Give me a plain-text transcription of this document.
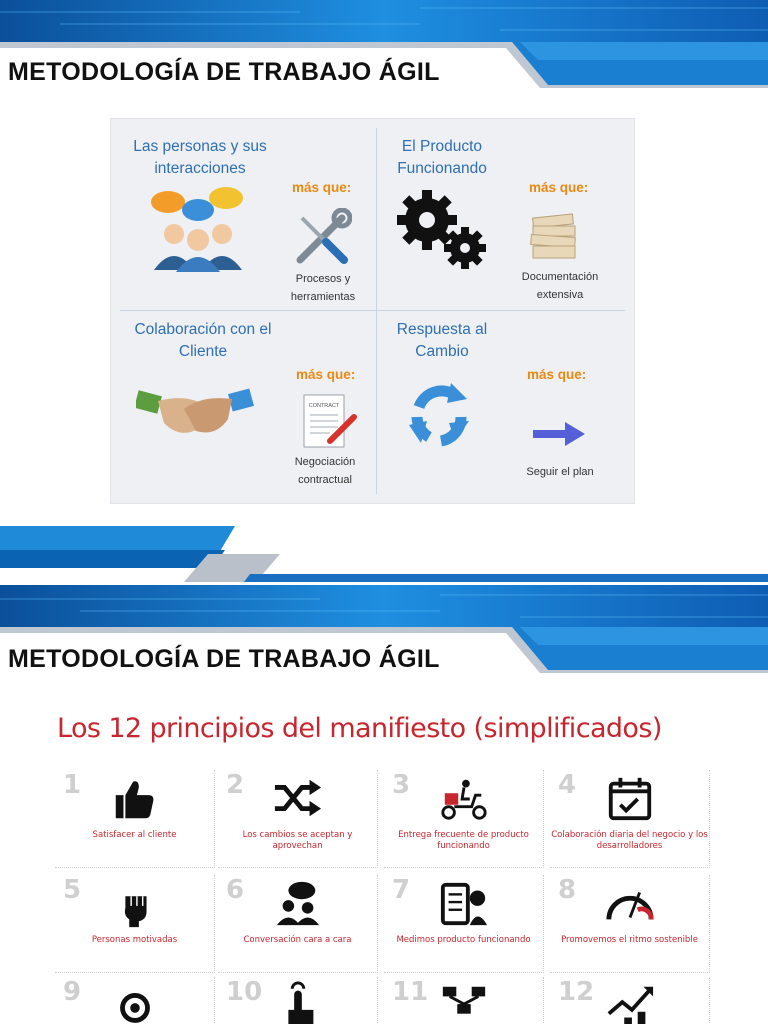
METODOLOGÍA DE TRABAJO ÁGIL
Las personas y sus interacciones
más que:
Procesos y herramientas
El Producto Funcionando
más que:
Documentación extensiva
Colaboración con el Cliente
más que:
CONTRACT
Negociación contractual
Respuesta al Cambio
más que:
Seguir el plan
METODOLOGÍA DE TRABAJO ÁGIL
Los 12 principios del manifiesto (simplificados)
1
Satisfacer al cliente
2
Los cambios se aceptan y aprovechan
3
Entrega frecuente de producto funcionando
4
Colaboración diaria del negocio y los desarrolladores
5
Personas motivadas
6
Conversación cara a cara
7
Medimos producto funcionando
8
Promovemos el ritmo sostenible
9	10	11	12
